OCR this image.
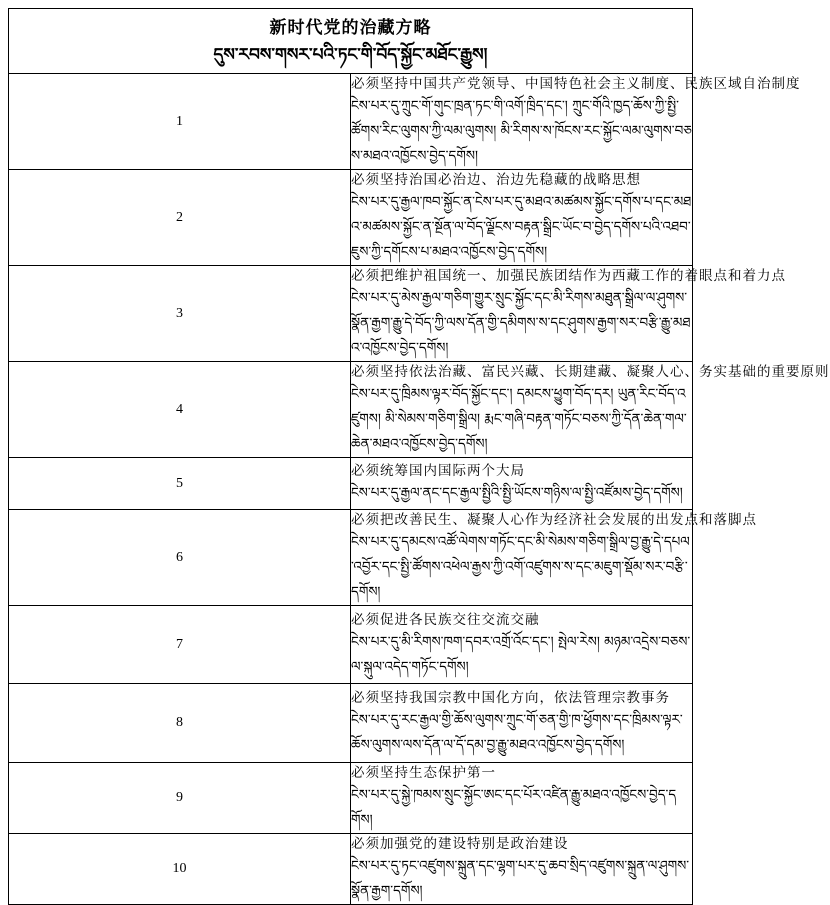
新时代党的治藏方略
དུས་རབས་གསར་པའི་ཏང་གི་བོད་སྐྱོང་མཐོང་རྒྱུས།	

1	必须坚持中国共产党领导、中国特色社会主义制度、民族区域自治制度
ངེས་པར་དུ་ཀྲུང་གོ་གུང་ཁྲན་ཏང་གི་འགོ་ཁྲིད་དང་། ཀྲུང་གོའི་ཁྱད་ཆོས་ཀྱི་སྤྱི་ཚོགས་རིང་ལུགས་ཀྱི་ལམ་ལུགས། མི་རིགས་ས་ཁོངས་རང་སྐྱོང་ལམ་ལུགས་བཅས་མཐའ་འཁྱོངས་བྱེད་དགོས།

2	必须坚持治国必治边、治边先稳藏的战略思想
ངེས་པར་དུ་རྒྱལ་ཁབ་སྐྱོང་ན་ངེས་པར་དུ་མཐའ་མཚམས་སྐྱོང་དགོས་པ་དང་མཐའ་མཚམས་སྐྱོང་ན་སྔོན་ལ་བོད་ལྗོངས་བརྟན་སྒྲིང་ཡོང་བ་བྱེད་དགོས་པའི་འཐབ་ཇུས་ཀྱི་དགོངས་པ་མཐའ་འཁྱོངས་བྱེད་དགོས།

3	必须把维护祖国统一、加强民族团结作为西藏工作的着眼点和着力点
ངེས་པར་དུ་མེས་རྒྱལ་གཅིག་གྱུར་སྲུང་སྐྱོང་དང་མི་རིགས་མཐུན་སྒྲིལ་ལ་ཤུགས་སྣོན་རྒྱག་རྒྱུ་དེ་བོད་ཀྱི་ལས་དོན་གྱི་དམིགས་ས་དང་ཤུགས་རྒྱག་སར་བརྩི་རྒྱུ་མཐའ་འཁྱོངས་བྱེད་དགོས།

4	必须坚持依法治藏、富民兴藏、长期建藏、凝聚人心、务实基础的重要原则
ངེས་པར་དུ་ཁྲིམས་ལྟར་བོད་སྐྱོང་དང་། དམངས་ཕྱུག་བོད་དར། ཡུན་རིང་བོད་འཛུགས། མི་སེམས་གཅིག་སྒྲིལ། རྨང་གཞི་བརྟན་གཏོང་བཅས་ཀྱི་དོན་ཆེན་གལ་ཆེན་མཐའ་འཁྱོངས་བྱེད་དགོས།

5	必须统筹国内国际两个大局
ངེས་པར་དུ་རྒྱལ་ནང་དང་རྒྱལ་སྤྱིའི་སྤྱི་ཡོངས་གཉིས་ལ་སྤྱི་འཛོམས་བྱེད་དགོས།

6	必须把改善民生、凝聚人心作为经济社会发展的出发点和落脚点
ངེས་པར་དུ་དམངས་འཚོ་ལེགས་གཏོང་དང་མི་སེམས་གཅིག་སྒྲིལ་བྱ་རྒྱུ་དེ་དཔལ་འབྱོར་དང་སྤྱི་ཚོགས་འཕེལ་རྒྱས་ཀྱི་འགོ་འཛུགས་ས་དང་མཇུག་སྡོམ་སར་བརྩི་དགོས།

7	必须促进各民族交往交流交融
ངེས་པར་དུ་མི་རིགས་ཁག་དབར་འགྲོ་འོང་དང་། སྤེལ་རེས། མཉམ་འདྲེས་བཅས་ལ་སྐུལ་འདེད་གཏོང་དགོས།

8	必须坚持我国宗教中国化方向，依法管理宗教事务
ངེས་པར་དུ་རང་རྒྱལ་གྱི་ཆོས་ལུགས་ཀྲུང་གོ་ཅན་གྱི་ཁ་ཕྱོགས་དང་ཁྲིམས་ལྟར་ཆོས་ལུགས་ལས་དོན་ལ་དོ་དམ་བྱ་རྒྱུ་མཐའ་འཁྱོངས་བྱེད་དགོས།

9	必须坚持生态保护第一
ངེས་པར་དུ་སྐྱེ་ཁམས་སྲུང་སྐྱོང་ཨང་དང་པོར་འཛིན་རྒྱུ་མཐའ་འཁྱོངས་བྱེད་དགོས།

10	必须加强党的建设特别是政治建设
ངེས་པར་དུ་ཏང་འཛུགས་སྐྲུན་དང་ལྷག་པར་དུ་ཆབ་སྲིད་འཛུགས་སྐྲུན་ལ་ཤུགས་སྣོན་རྒྱག་དགོས།
